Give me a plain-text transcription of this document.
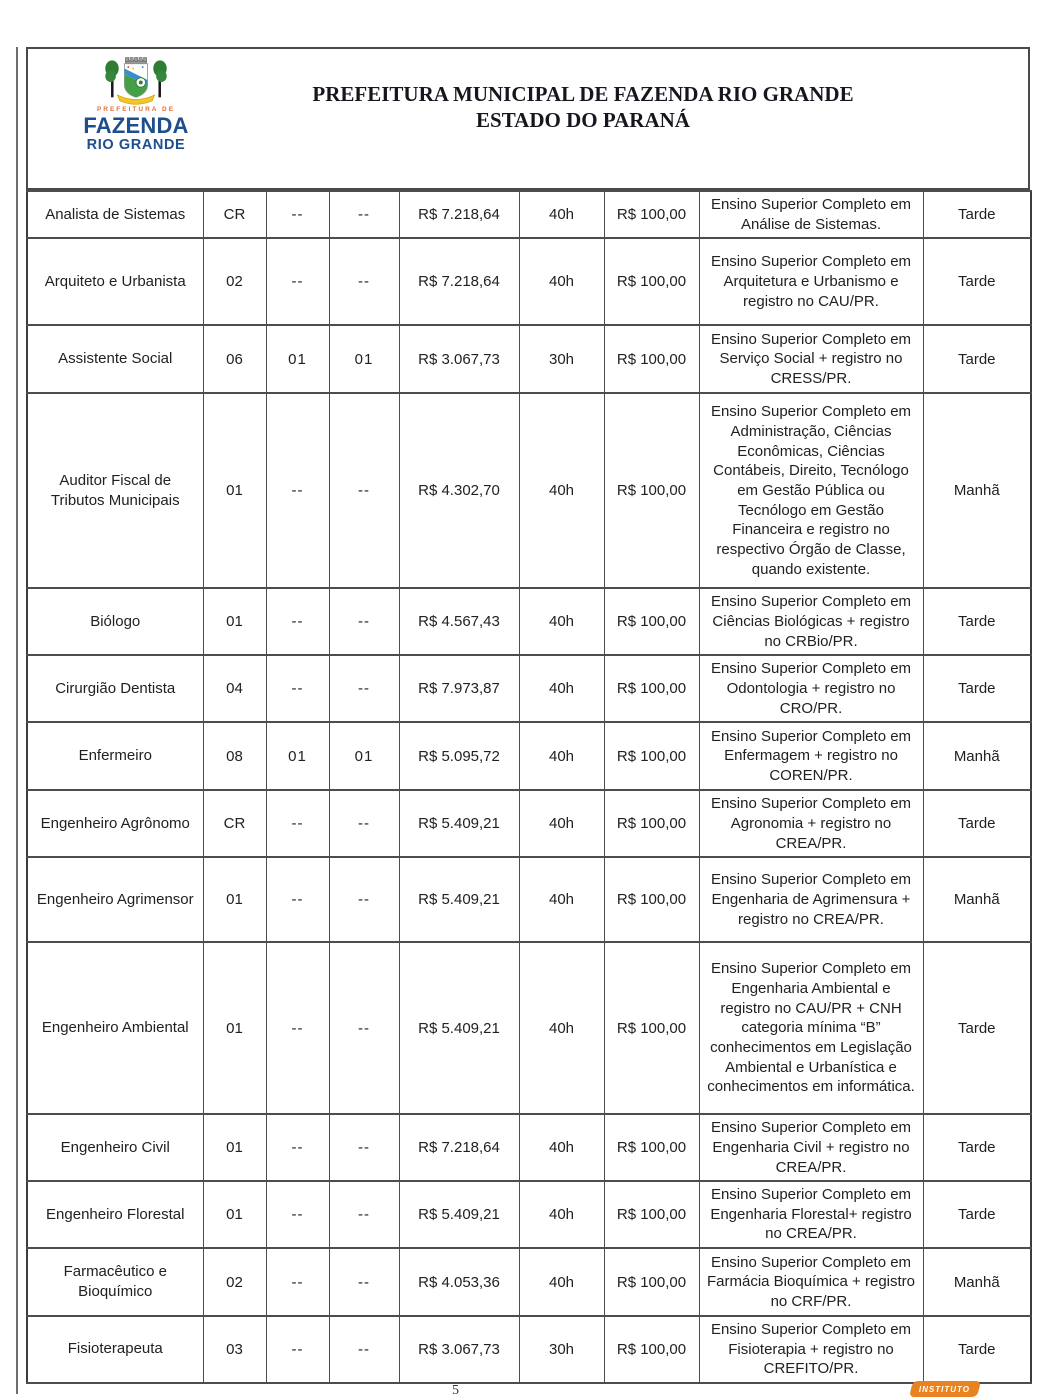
PREFEITURA DE
FAZENDA
RIO GRANDE
PREFEITURA MUNICIPAL DE FAZENDA RIO GRANDE
ESTADO DO PARANÁ
Analista de Sistemas	CR	--	--	R$ 7.218,64	40h	R$ 100,00	Ensino Superior Completo em Análise de Sistemas.	Tarde
Arquiteto e Urbanista	02	--	--	R$ 7.218,64	40h	R$ 100,00	Ensino Superior Completo em Arquitetura e Urbanismo e registro no CAU/PR.	Tarde
Assistente Social	06	01	01	R$ 3.067,73	30h	R$ 100,00	Ensino Superior Completo em Serviço Social + registro no CRESS/PR.	Tarde
Auditor Fiscal de Tributos Municipais	01	--	--	R$ 4.302,70	40h	R$ 100,00	Ensino Superior Completo em Administração, Ciências Econômicas, Ciências Contábeis, Direito, Tecnólogo em Gestão Pública ou Tecnólogo em Gestão Financeira e registro no respectivo Órgão de Classe, quando existente.	Manhã
Biólogo	01	--	--	R$ 4.567,43	40h	R$ 100,00	Ensino Superior Completo em Ciências Biológicas + registro no CRBio/PR.	Tarde
Cirurgião Dentista	04	--	--	R$ 7.973,87	40h	R$ 100,00	Ensino Superior Completo em Odontologia + registro no CRO/PR.	Tarde
Enfermeiro	08	01	01	R$ 5.095,72	40h	R$ 100,00	Ensino Superior Completo em Enfermagem + registro no COREN/PR.	Manhã
Engenheiro Agrônomo	CR	--	--	R$ 5.409,21	40h	R$ 100,00	Ensino Superior Completo em Agronomia + registro no CREA/PR.	Tarde
Engenheiro Agrimensor	01	--	--	R$ 5.409,21	40h	R$ 100,00	Ensino Superior Completo em Engenharia de Agrimensura + registro no CREA/PR.	Manhã
Engenheiro Ambiental	01	--	--	R$ 5.409,21	40h	R$ 100,00	Ensino Superior Completo em Engenharia Ambiental e registro no CAU/PR + CNH categoria mínima “B” conhecimentos em Legislação Ambiental e Urbanística e conhecimentos em informática.	Tarde
Engenheiro Civil	01	--	--	R$ 7.218,64	40h	R$ 100,00	Ensino Superior Completo em Engenharia Civil + registro no CREA/PR.	Tarde
Engenheiro Florestal	01	--	--	R$ 5.409,21	40h	R$ 100,00	Ensino Superior Completo em Engenharia Florestal+ registro no CREA/PR.	Tarde
Farmacêutico e Bioquímico	02	--	--	R$ 4.053,36	40h	R$ 100,00	Ensino Superior Completo em Farmácia Bioquímica + registro no CRF/PR.	Manhã
Fisioterapeuta	03	--	--	R$ 3.067,73	30h	R$ 100,00	Ensino Superior Completo em Fisioterapia + registro no CREFITO/PR.	Tarde
5	INSTITUTO
